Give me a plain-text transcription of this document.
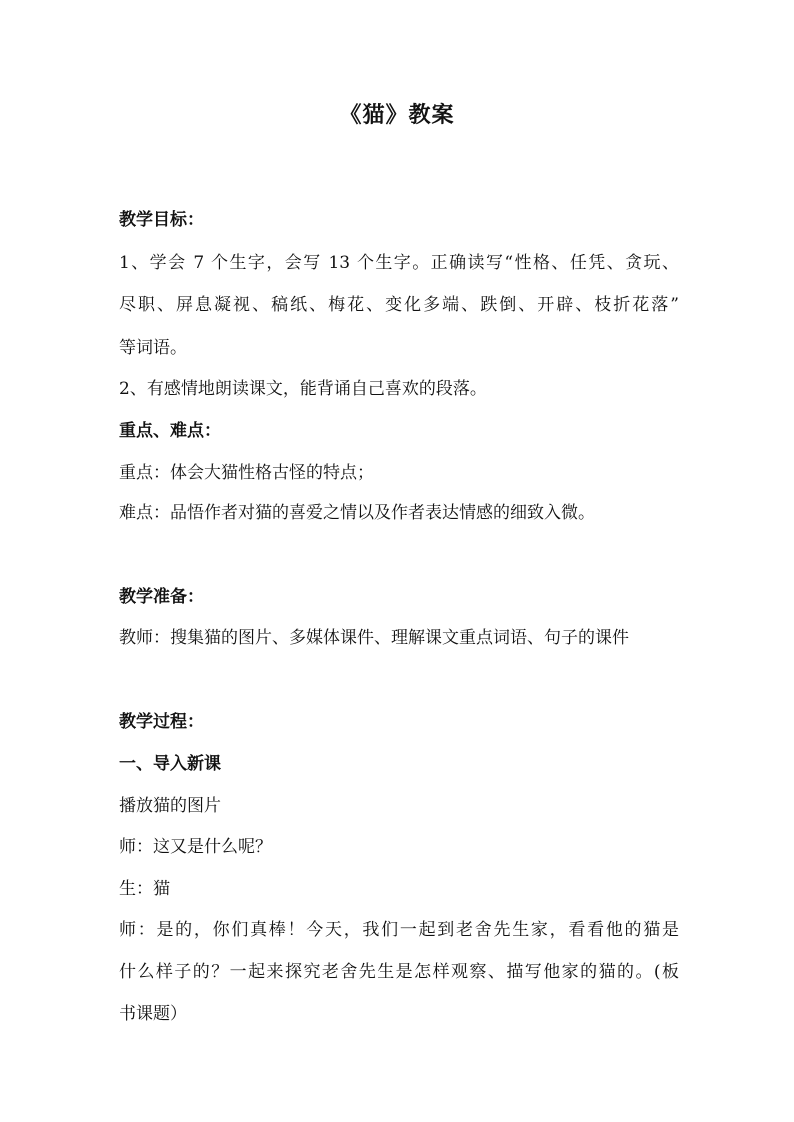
《猫》教案
教学目标：
1、学会 7 个生字，会写 13 个生字。正确读写“性格、任凭、贪玩、
尽职、屏息凝视、稿纸、梅花、变化多端、跌倒、开辟、枝折花落”
等词语。
2、有感情地朗读课文，能背诵自己喜欢的段落。
重点、难点：
重点：体会大猫性格古怪的特点；
难点：品悟作者对猫的喜爱之情以及作者表达情感的细致入微。
教学准备：
教师：搜集猫的图片、多媒体课件、理解课文重点词语、句子的课件
教学过程：
一、导入新课
播放猫的图片
师：这又是什么呢？
生：猫
师：是的，你们真棒！今天，我们一起到老舍先生家，看看他的猫是
什么样子的？一起来探究老舍先生是怎样观察、描写他家的猫的。(板
书课题）
